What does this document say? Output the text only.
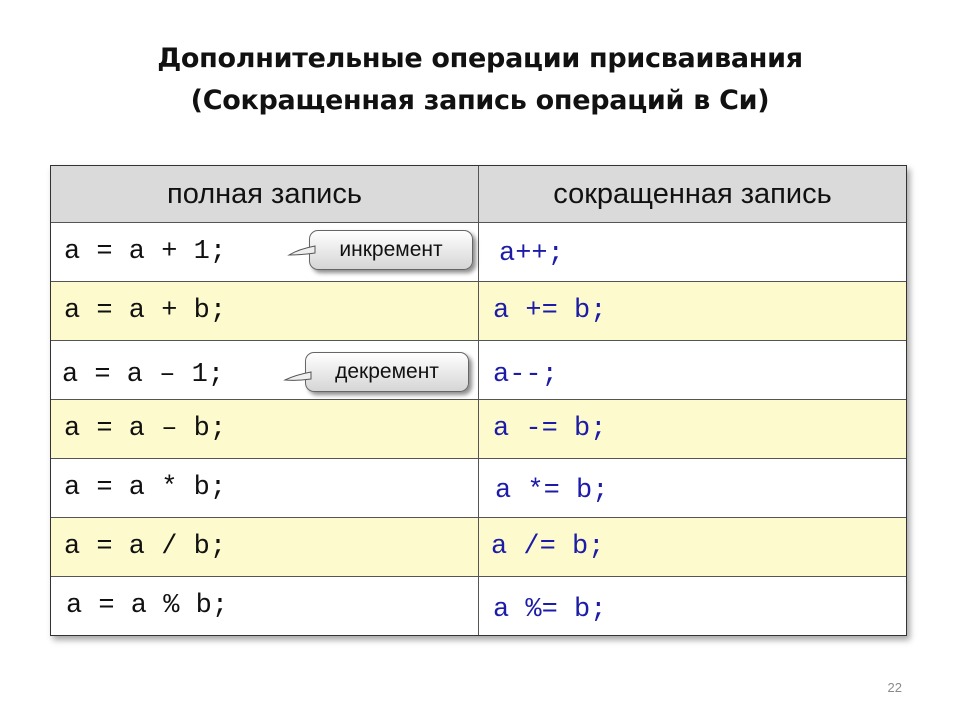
Дополнительные операции присваивания
(Сокращенная запись операций в Си)
полная запись	сокращенная запись
a = a + 1;	инкремент	a++;
a = a + b;	a += b;
a = a – 1;	декремент	a--;
a = a – b;	a -= b;
a = a * b;	a *= b;
a = a / b;	a /= b;
a = a % b;	a %= b;
22
